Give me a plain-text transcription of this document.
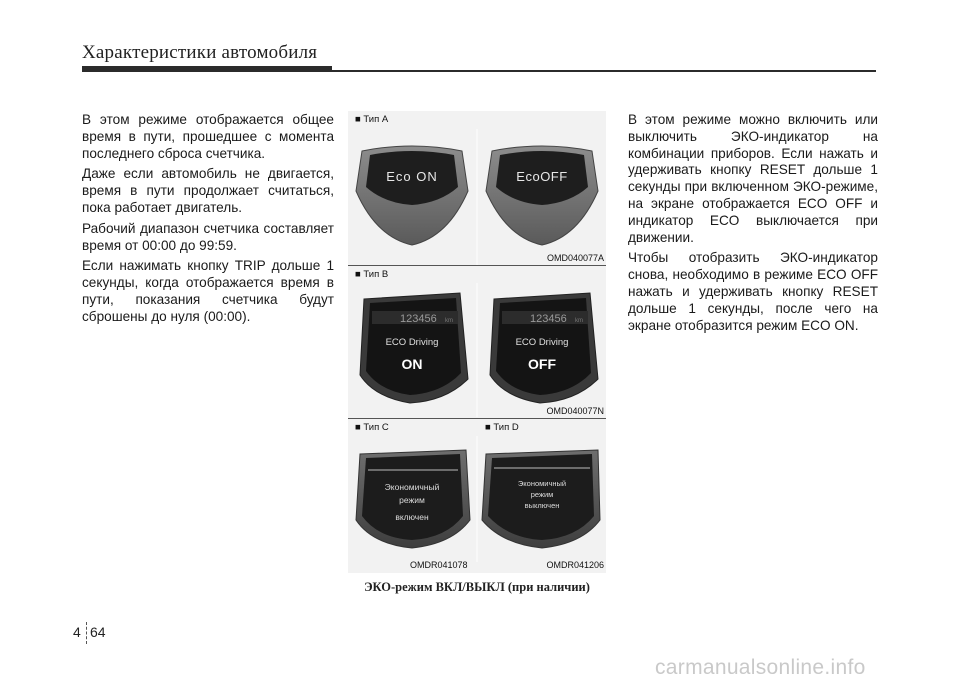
Характеристики автомобиля

В этом режиме отображается общее время в пути, прошедшее с момента последнего сброса счетчика.

Даже если автомобиль не двигается, время в пути продолжает считаться, пока работает двигатель.

Рабочий диапазон счетчика составляет время от 00:00 до 99:59.

Если нажимать кнопку TRIP дольше 1 секунды, когда отображается время в пути, показания счетчика будут сброшены до нуля (00:00).

■ Тип A
Eco ON	EcoOFF
OMD040077A
■ Тип B
123456 km
ECO Driving
ON
123456 km
ECO Driving
OFF
OMD040077N
■ Тип C	■ Тип D
Экономичный
режим
включен
Экономичный
режим
выключен
OMDR041078	OMDR041206
ЭКО-режим ВКЛ/ВЫКЛ (при наличии)

В этом режиме можно включить или выключить ЭКО-индикатор на комбинации приборов. Если нажать и удерживать кнопку RESET дольше 1 секунды при включенном ЭКО-режиме, на экране отображается ECO OFF и индикатор ECO выключается при движении.

Чтобы отобразить ЭКО-индикатор снова, необходимо в режиме ECO OFF нажать и удерживать кнопку RESET дольше 1 секунды, после чего на экране отобразится режим ECO ON.

4 64
carmanualsonline.info
